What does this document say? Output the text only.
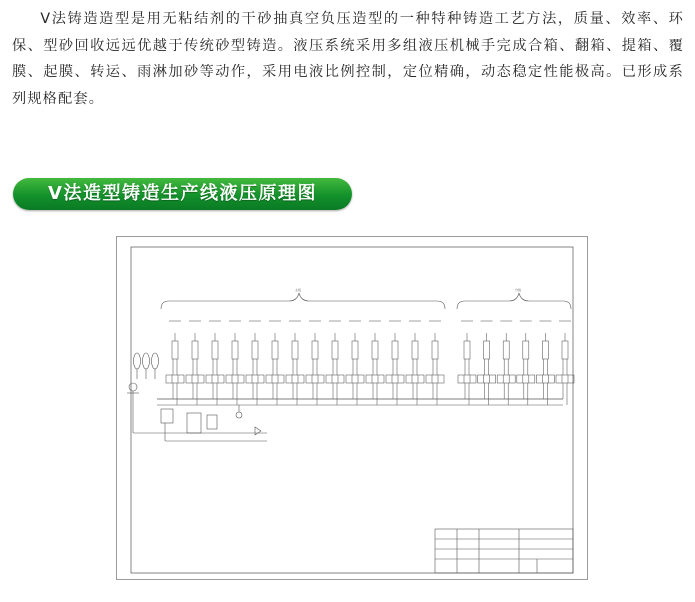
V法铸造造型是用无粘结剂的干砂抽真空负压造型的一种特种铸造工艺方法，质量、效率、环保、型砂回收远远优越于传统砂型铸造。液压系统采用多组液压机械手完成合箱、翻箱、提箱、覆膜、起膜、转运、雨淋加砂等动作，采用电液比例控制，定位精确，动态稳定性能极高。已形成系列规格配套。

V法造型铸造生产线液压原理图
主线	分线
